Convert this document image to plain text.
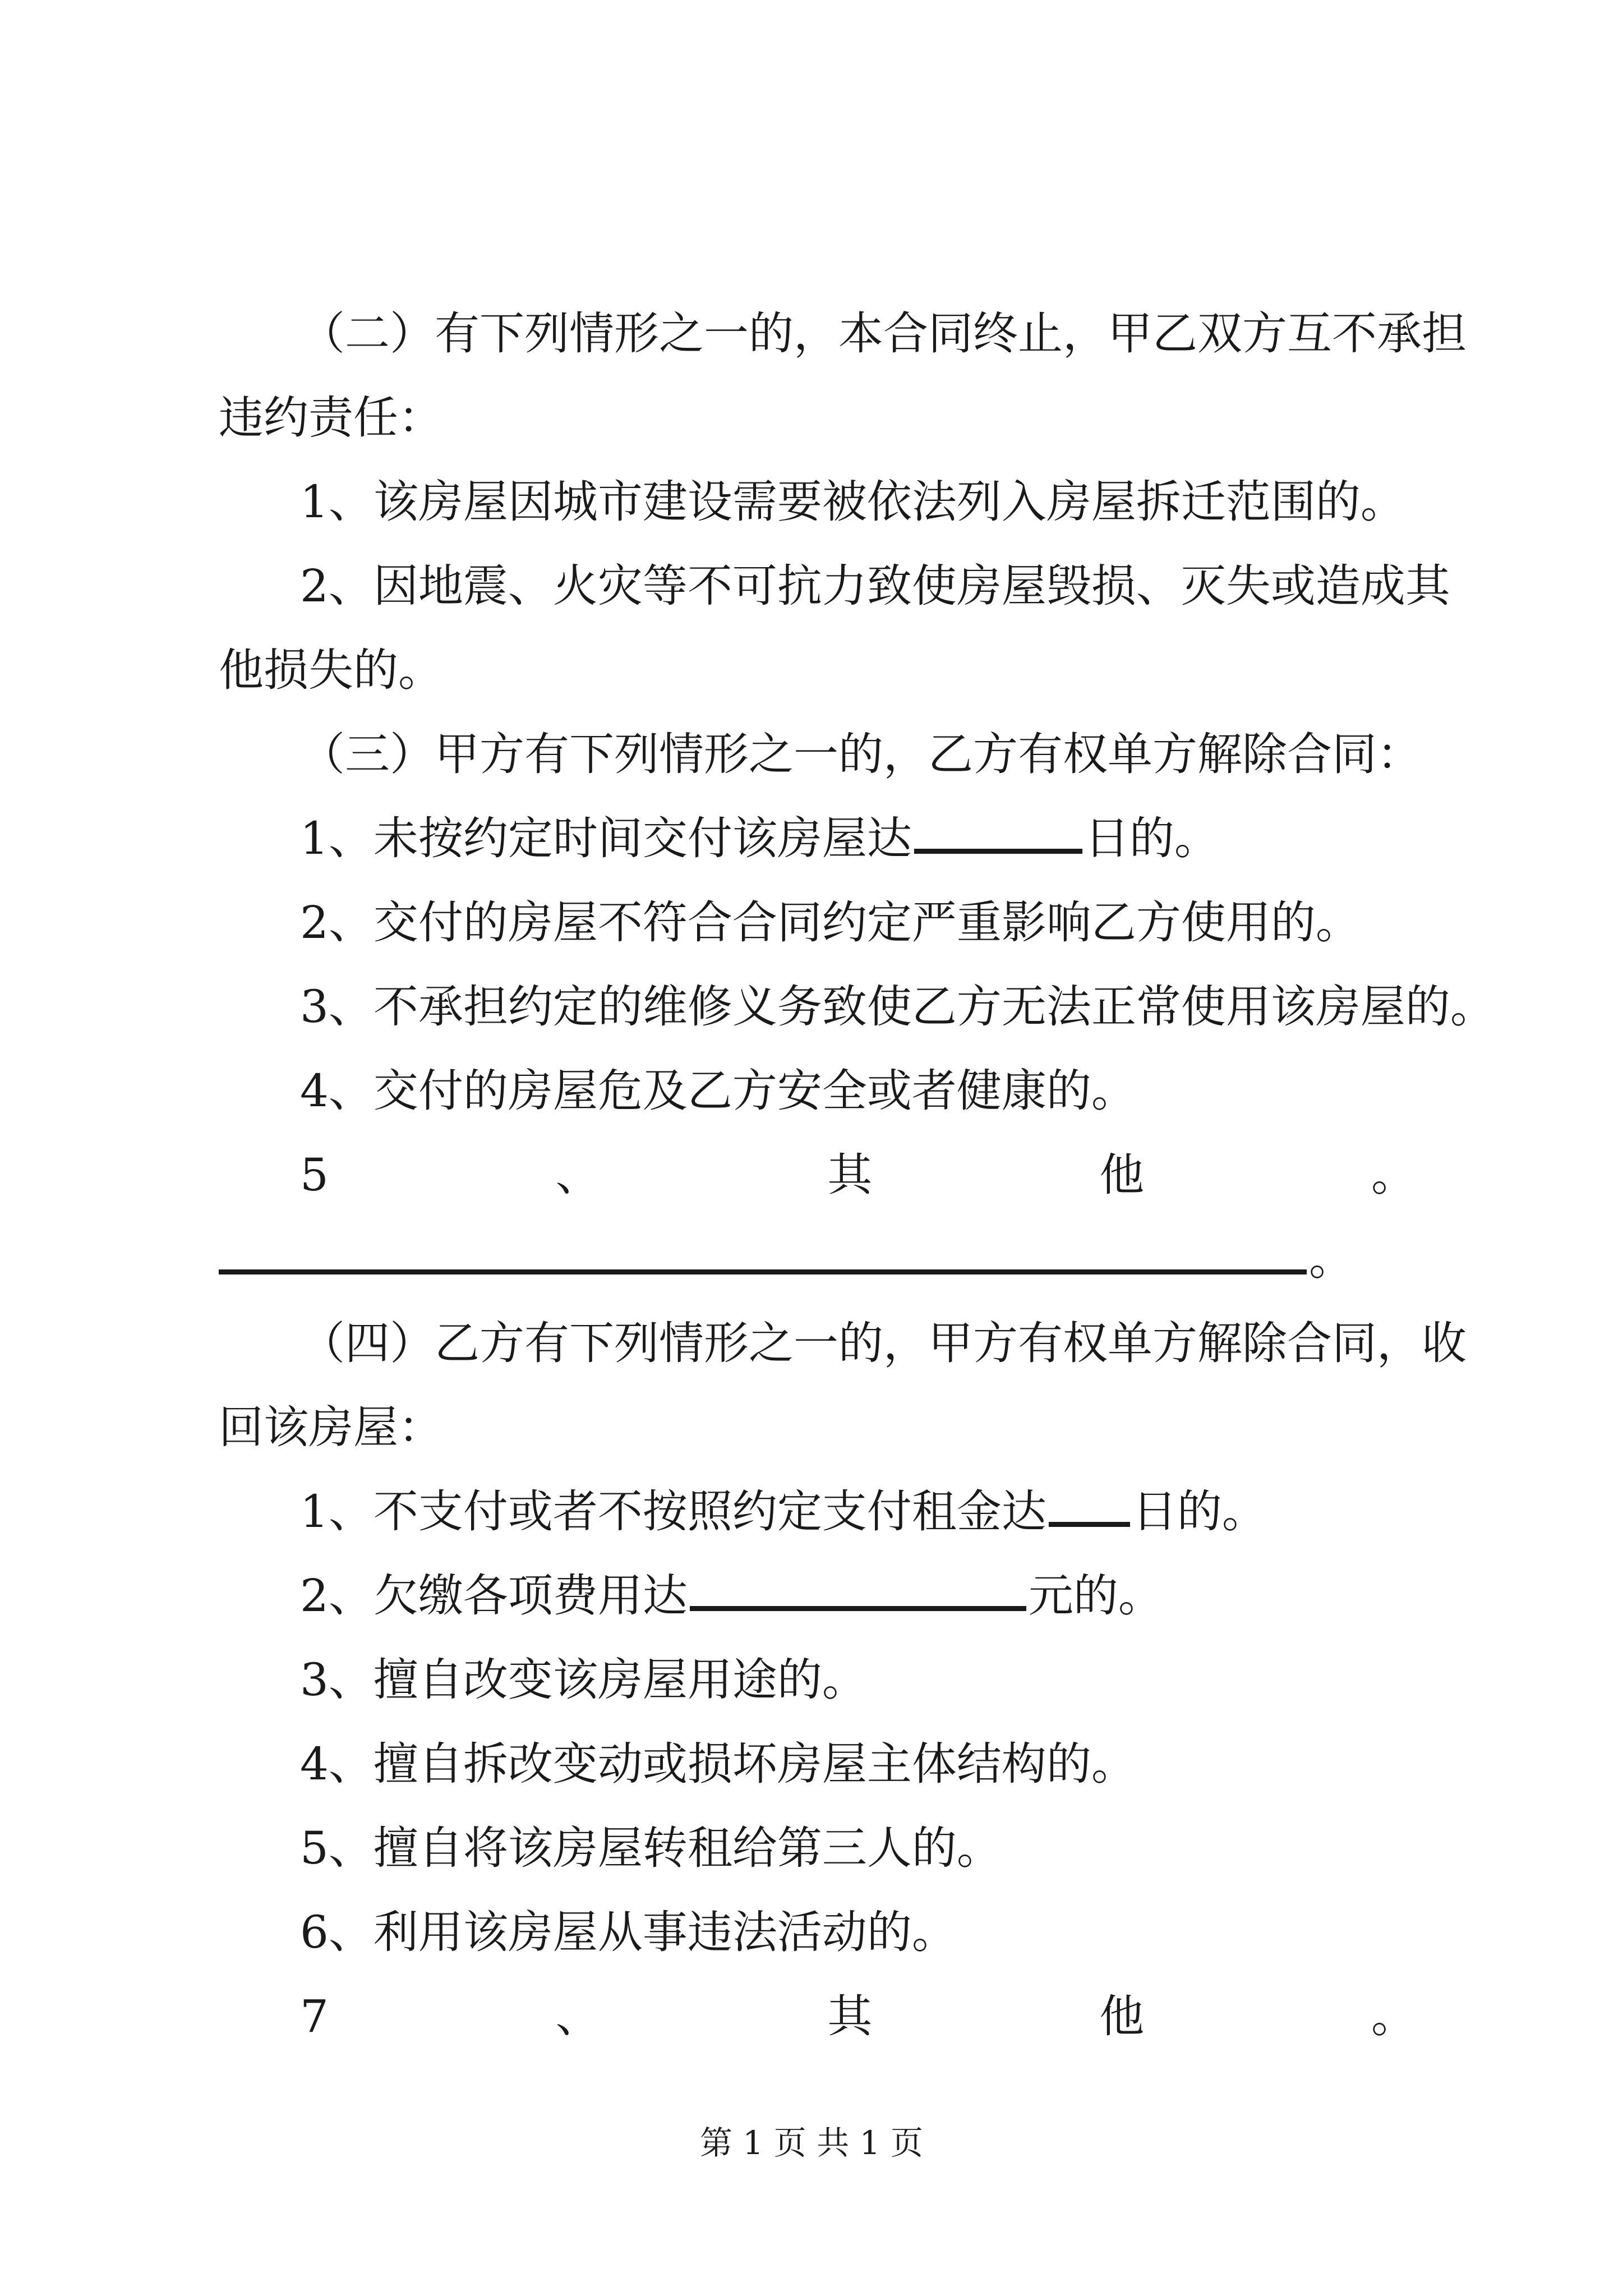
（二）有下列情形之一的，本合同终止，甲乙双方互不承担
违约责任：
1、该房屋因城市建设需要被依法列入房屋拆迁范围的。
2、因地震、火灾等不可抗力致使房屋毁损、灭失或造成其
他损失的。
（三）甲方有下列情形之一的，乙方有权单方解除合同：
1、未按约定时间交付该房屋达	日的。
2、交付的房屋不符合合同约定严重影响乙方使用的。
3、不承担约定的维修义务致使乙方无法正常使用该房屋的。
4、交付的房屋危及乙方安全或者健康的。
5	、	其	他	。
。
（四）乙方有下列情形之一的，甲方有权单方解除合同，收
回该房屋：
1、不支付或者不按照约定支付租金达 日的。
2、欠缴各项费用达	元的。
3、擅自改变该房屋用途的。
4、擅自拆改变动或损坏房屋主体结构的。
5、擅自将该房屋转租给第三人的。
6、利用该房屋从事违法活动的。
7	、	其	他	。
第 1 页 共 1 页
